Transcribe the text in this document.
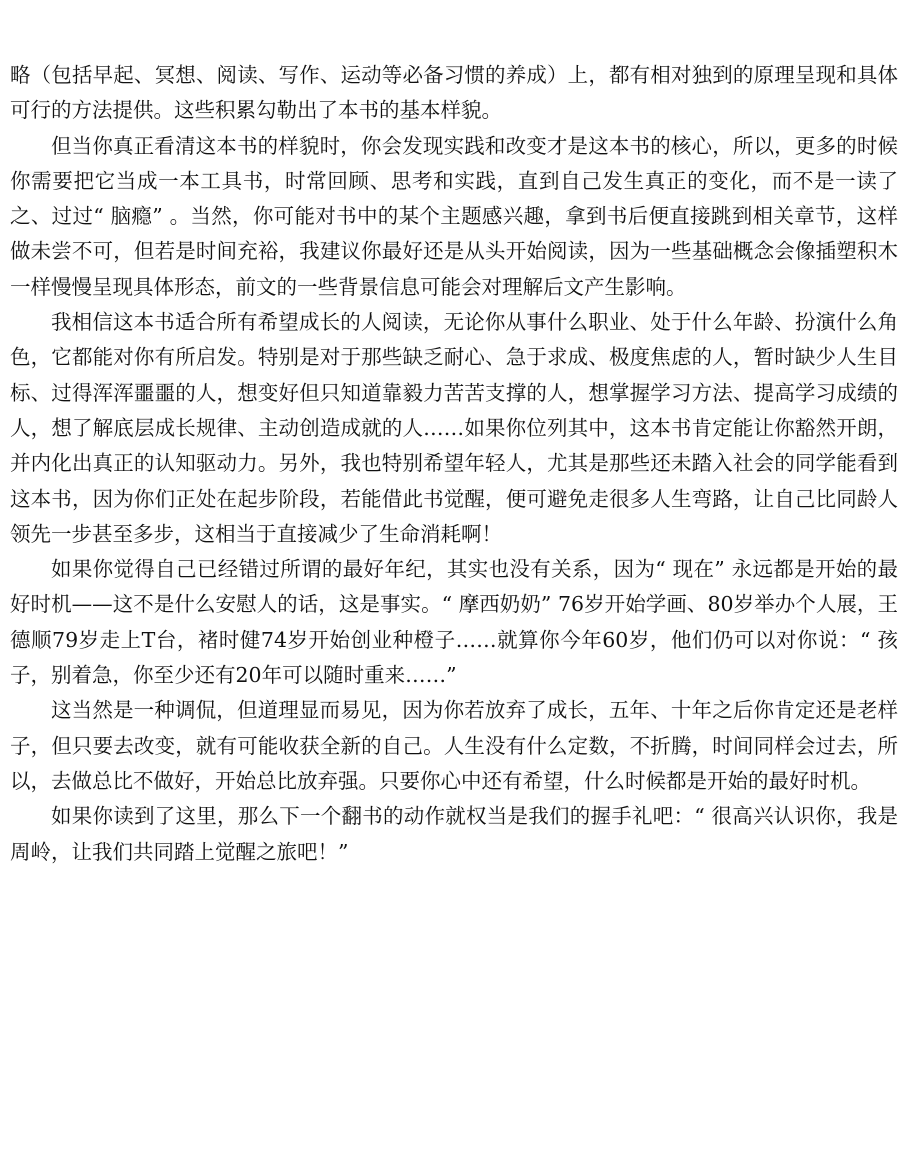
略（包括早起、冥想、阅读、写作、运动等必备习惯的养成）上，都有相对独到的原理呈现和具体可行的方法提供。这些积累勾勒出了本书的基本样貌。

但当你真正看清这本书的样貌时，你会发现实践和改变才是这本书的核心，所以，更多的时候你需要把它当成一本工具书，时常回顾、思考和实践，直到自己发生真正的变化，而不是一读了之、过过“ 脑瘾” 。当然，你可能对书中的某个主题感兴趣，拿到书后便直接跳到相关章节，这样做未尝不可，但若是时间充裕，我建议你最好还是从头开始阅读，因为一些基础概念会像插塑积木一样慢慢呈现具体形态，前文的一些背景信息可能会对理解后文产生影响。

我相信这本书适合所有希望成长的人阅读，无论你从事什么职业、处于什么年龄、扮演什么角色，它都能对你有所启发。特别是对于那些缺乏耐心、急于求成、极度焦虑的人，暂时缺少人生目标、过得浑浑噩噩的人，想变好但只知道靠毅力苦苦支撑的人，想掌握学习方法、提高学习成绩的人，想了解底层成长规律、主动创造成就的人……如果你位列其中，这本书肯定能让你豁然开朗，并内化出真正的认知驱动力。另外，我也特别希望年轻人，尤其是那些还未踏入社会的同学能看到这本书，因为你们正处在起步阶段，若能借此书觉醒，便可避免走很多人生弯路，让自己比同龄人领先一步甚至多步，这相当于直接减少了生命消耗啊！

如果你觉得自己已经错过所谓的最好年纪，其实也没有关系，因为“ 现在” 永远都是开始的最好时机——这不是什么安慰人的话，这是事实。“ 摩西奶奶” 76岁开始学画、80岁举办个人展，王德顺79岁走上T台，褚时健74岁开始创业种橙子……就算你今年60岁，他们仍可以对你说：“ 孩子，别着急，你至少还有20年可以随时重来……”

这当然是一种调侃，但道理显而易见，因为你若放弃了成长，五年、十年之后你肯定还是老样子，但只要去改变，就有可能收获全新的自己。人生没有什么定数，不折腾，时间同样会过去，所以，去做总比不做好，开始总比放弃强。只要你心中还有希望，什么时候都是开始的最好时机。

如果你读到了这里，那么下一个翻书的动作就权当是我们的握手礼吧：“ 很高兴认识你，我是周岭，让我们共同踏上觉醒之旅吧！”
